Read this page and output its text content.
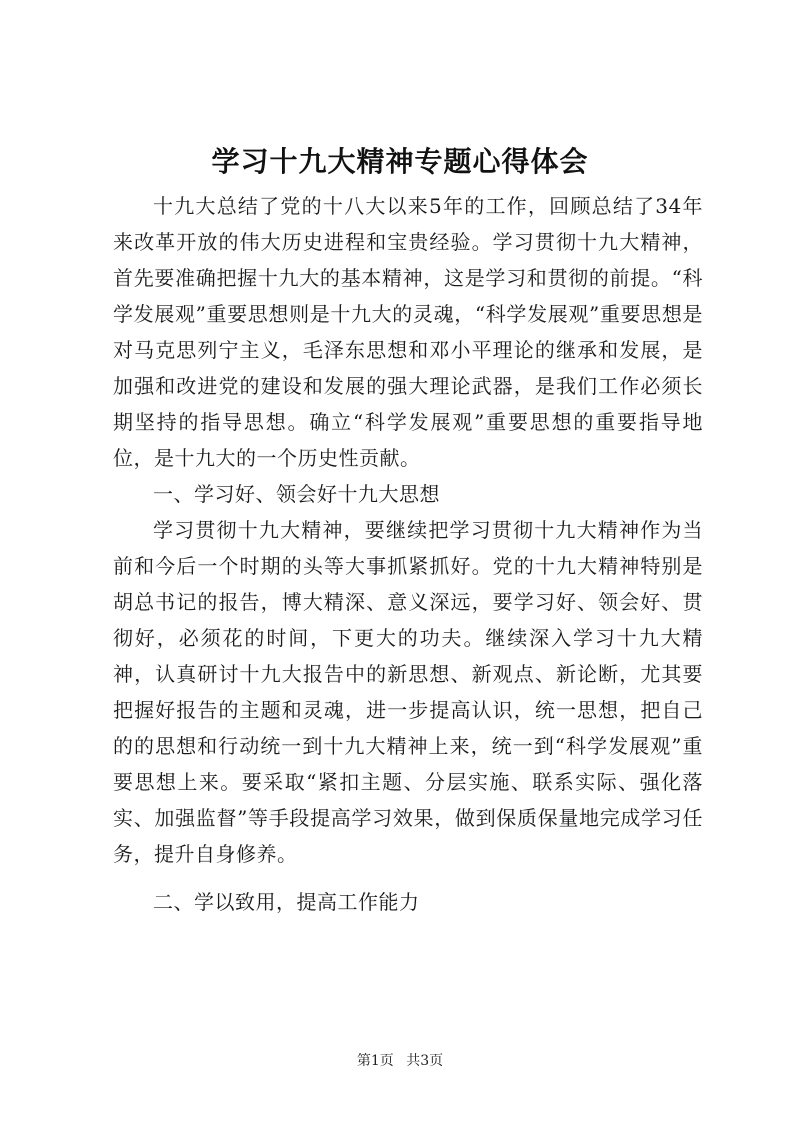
学习十九大精神专题心得体会

十九大总结了党的十八大以来5年的工作，回顾总结了34年来改革开放的伟大历史进程和宝贵经验。学习贯彻十九大精神，首先要准确把握十九大的基本精神，这是学习和贯彻的前提。“科学发展观”重要思想则是十九大的灵魂，“科学发展观”重要思想是对马克思列宁主义，毛泽东思想和邓小平理论的继承和发展，是加强和改进党的建设和发展的强大理论武器，是我们工作必须长期坚持的指导思想。确立“科学发展观”重要思想的重要指导地位，是十九大的一个历史性贡献。

一、学习好、领会好十九大思想

学习贯彻十九大精神，要继续把学习贯彻十九大精神作为当前和今后一个时期的头等大事抓紧抓好。党的十九大精神特别是胡总书记的报告，博大精深、意义深远，要学习好、领会好、贯彻好，必须花的时间，下更大的功夫。继续深入学习十九大精神，认真研讨十九大报告中的新思想、新观点、新论断，尤其要把握好报告的主题和灵魂，进一步提高认识，统一思想，把自己的的思想和行动统一到十九大精神上来，统一到“科学发展观”重要思想上来。要采取“紧扣主题、分层实施、联系实际、强化落实、加强监督”等手段提高学习效果，做到保质保量地完成学习任务，提升自身修养。

二、学以致用，提高工作能力

第1页 共3页
